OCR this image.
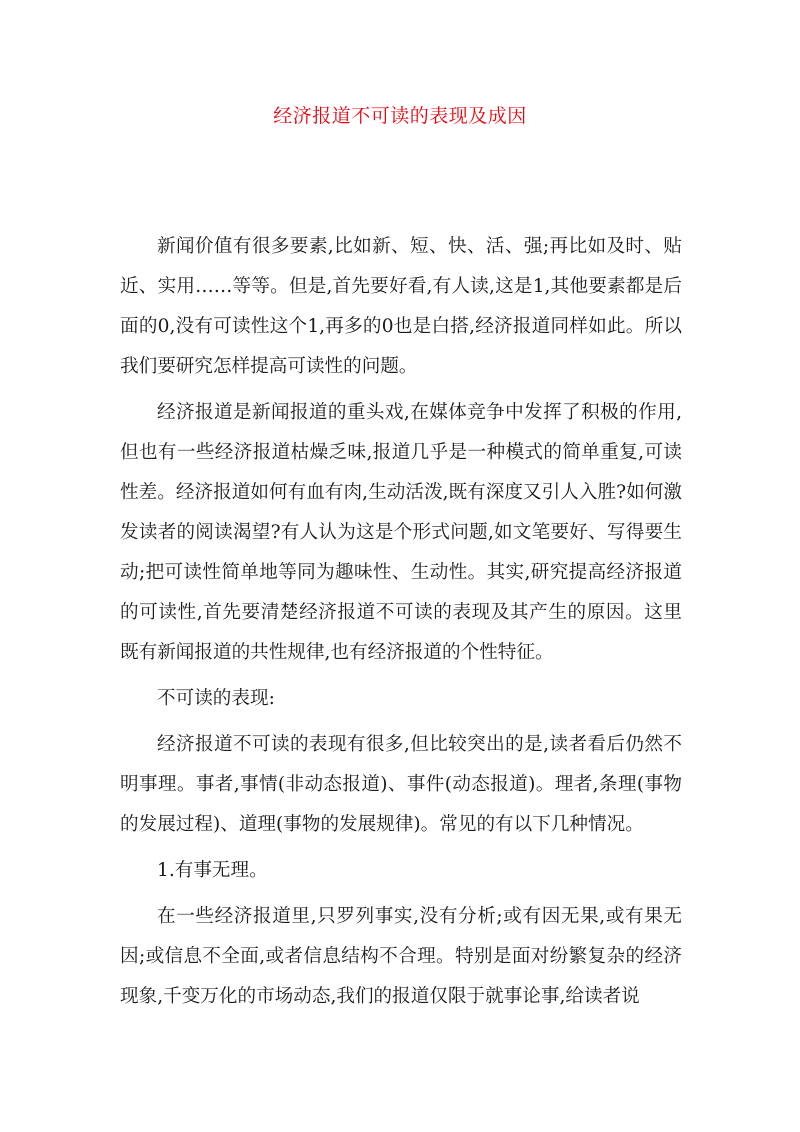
经济报道不可读的表现及成因

新闻价值有很多要素,比如新、短、快、活、强;再比如及时、贴近、实用……等等。但是,首先要好看,有人读,这是1,其他要素都是后面的0,没有可读性这个1,再多的0也是白搭,经济报道同样如此。所以我们要研究怎样提高可读性的问题。

经济报道是新闻报道的重头戏,在媒体竞争中发挥了积极的作用,但也有一些经济报道枯燥乏味,报道几乎是一种模式的简单重复,可读性差。经济报道如何有血有肉,生动活泼,既有深度又引人入胜?如何激发读者的阅读渴望?有人认为这是个形式问题,如文笔要好、写得要生动;把可读性简单地等同为趣味性、生动性。其实,研究提高经济报道的可读性,首先要清楚经济报道不可读的表现及其产生的原因。这里既有新闻报道的共性规律,也有经济报道的个性特征。

不可读的表现:

经济报道不可读的表现有很多,但比较突出的是,读者看后仍然不明事理。事者,事情(非动态报道)、事件(动态报道)。理者,条理(事物的发展过程)、道理(事物的发展规律)。常见的有以下几种情况。

1.有事无理。

在一些经济报道里,只罗列事实,没有分析;或有因无果,或有果无因;或信息不全面,或者信息结构不合理。特别是面对纷繁复杂的经济现象,千变万化的市场动态,我们的报道仅限于就事论事,给读者说
